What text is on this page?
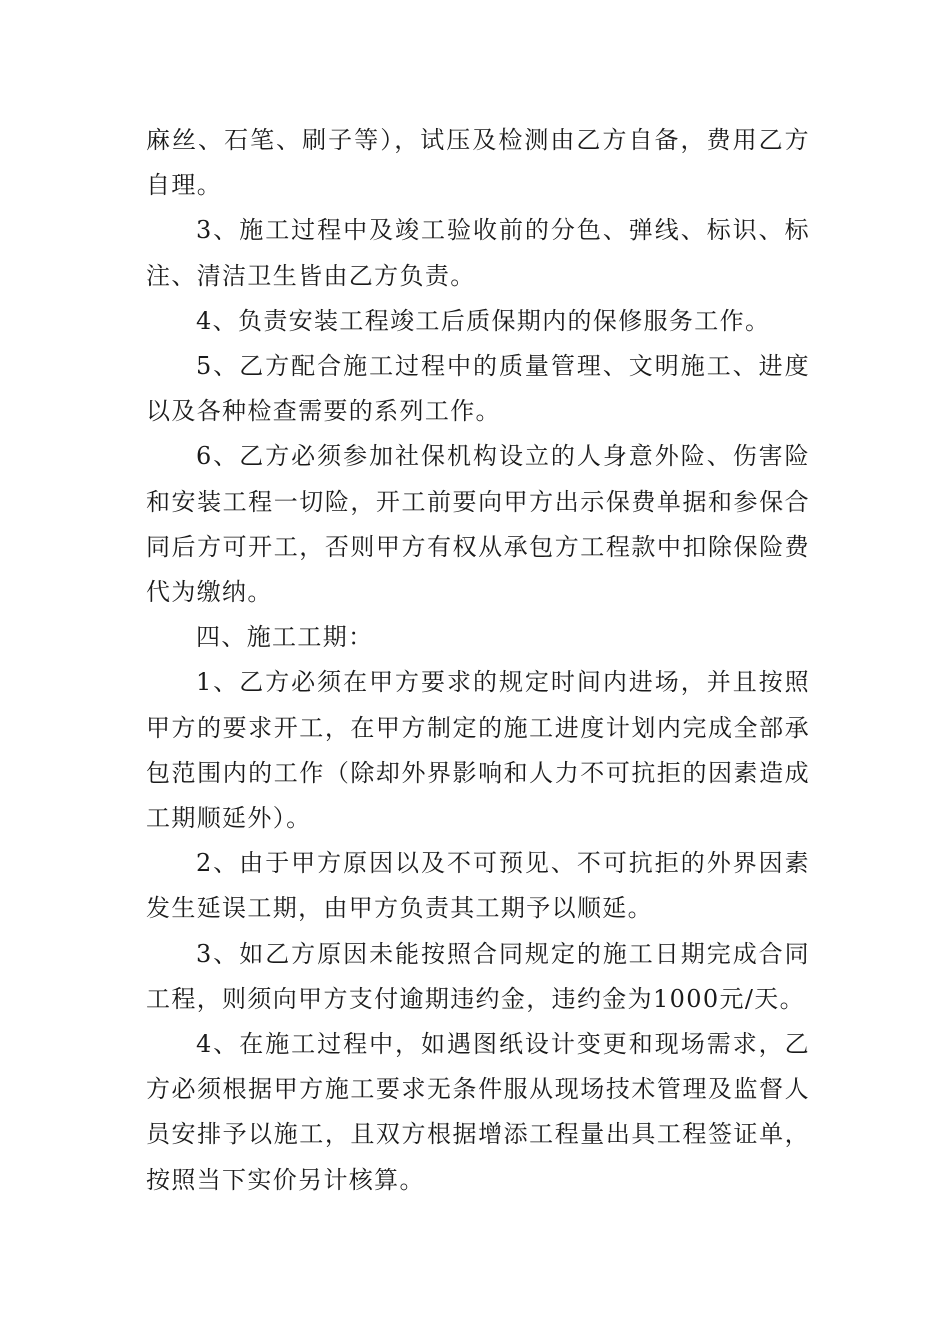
麻丝、石笔、刷子等），试压及检测由乙方自备，费用乙方自理。

3、施工过程中及竣工验收前的分色、弹线、标识、标注、清洁卫生皆由乙方负责。

4、负责安装工程竣工后质保期内的保修服务工作。

5、乙方配合施工过程中的质量管理、文明施工、进度以及各种检查需要的系列工作。

6、乙方必须参加社保机构设立的人身意外险、伤害险和安装工程一切险，开工前要向甲方出示保费单据和参保合同后方可开工，否则甲方有权从承包方工程款中扣除保险费代为缴纳。

四、施工工期：

1、乙方必须在甲方要求的规定时间内进场，并且按照甲方的要求开工，在甲方制定的施工进度计划内完成全部承包范围内的工作（除却外界影响和人力不可抗拒的因素造成工期顺延外）。

2、由于甲方原因以及不可预见、不可抗拒的外界因素发生延误工期，由甲方负责其工期予以顺延。

3、如乙方原因未能按照合同规定的施工日期完成合同工程，则须向甲方支付逾期违约金，违约金为1000元/天。

4、在施工过程中，如遇图纸设计变更和现场需求，乙方必须根据甲方施工要求无条件服从现场技术管理及监督人员安排予以施工，且双方根据增添工程量出具工程签证单，按照当下实价另计核算。
